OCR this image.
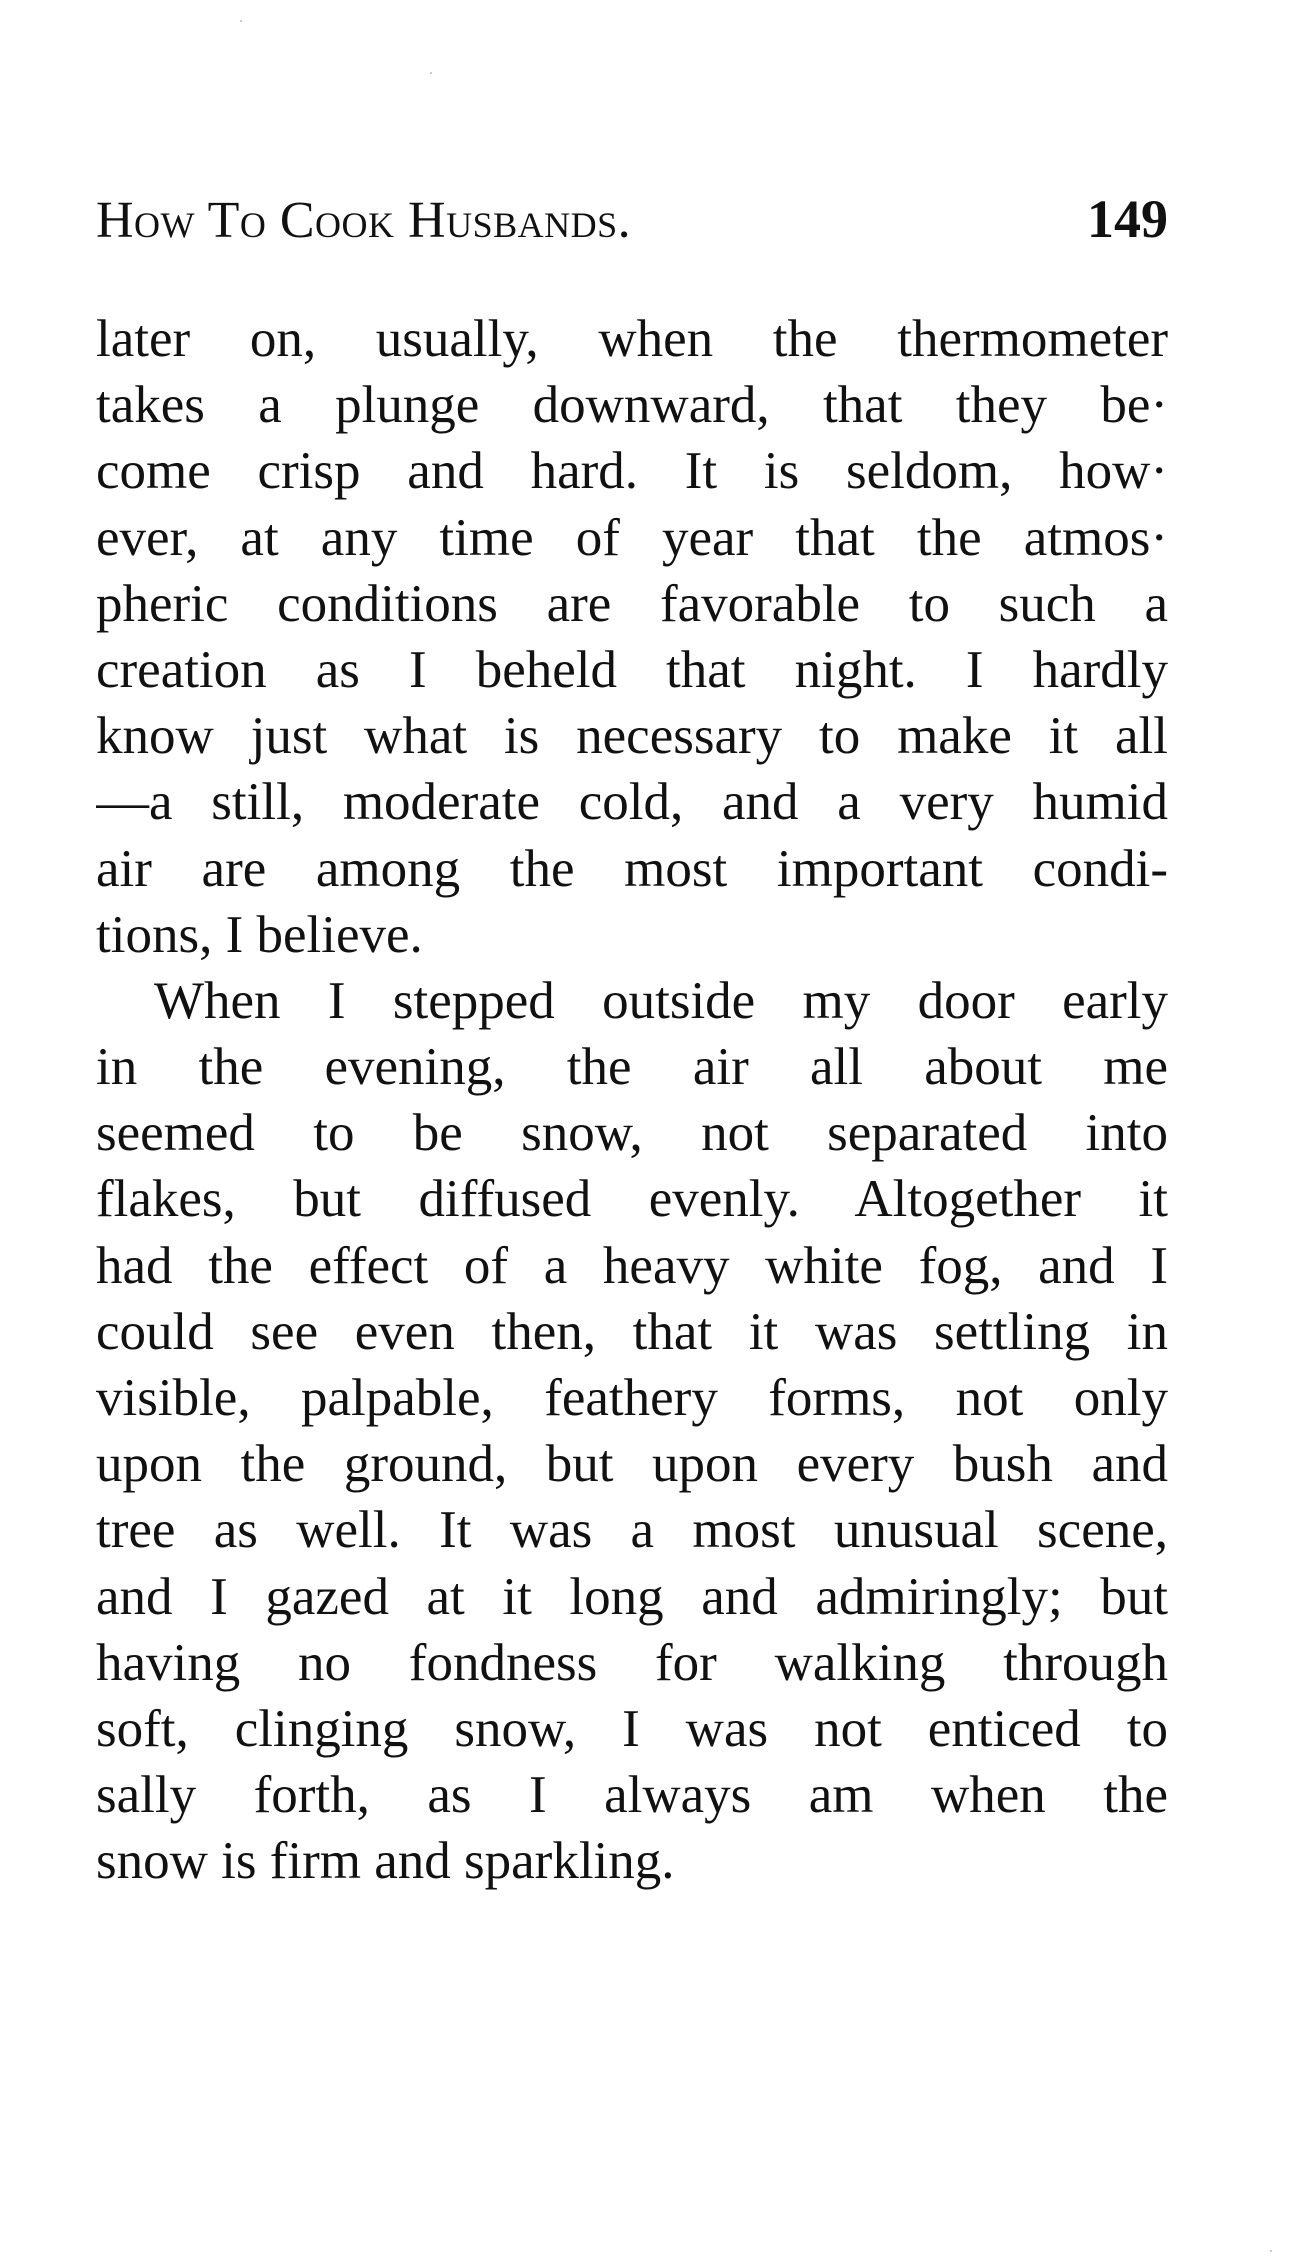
How To Cook Husbands.	149

later on, usually, when the thermometer
takes a plunge downward, that they be·
come crisp and hard. It is seldom, how·
ever, at any time of year that the atmos·
pheric conditions are favorable to such a
creation as I beheld that night. I hardly
know just what is necessary to make it all
—a still, moderate cold, and a very humid
air are among the most important condi-
tions, I believe.

When I stepped outside my door early
in the evening, the air all about me
seemed to be snow, not separated into
flakes, but diffused evenly. Altogether it
had the effect of a heavy white fog, and I
could see even then, that it was settling in
visible, palpable, feathery forms, not only
upon the ground, but upon every bush and
tree as well. It was a most unusual scene,
and I gazed at it long and admiringly; but
having no fondness for walking through
soft, clinging snow, I was not enticed to
sally forth, as I always am when the
snow is firm and sparkling.
